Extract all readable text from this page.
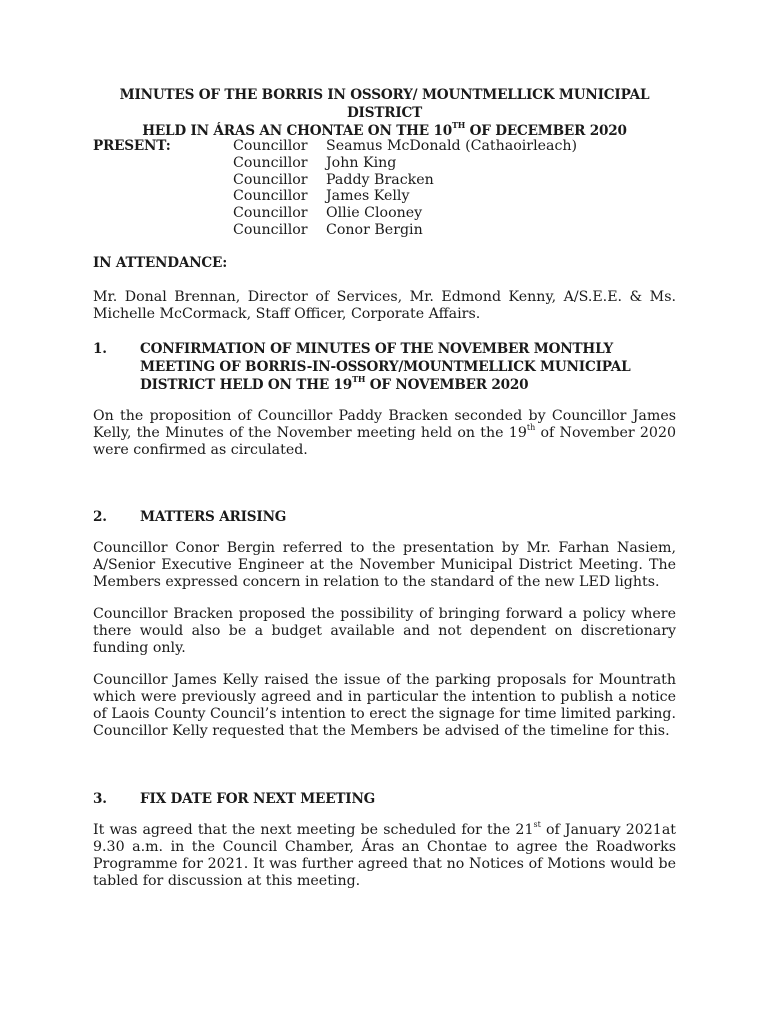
MINUTES OF THE BORRIS IN OSSORY/ MOUNTMELLICK MUNICIPAL DISTRICT
HELD IN ÁRAS AN CHONTAE ON THE 10TH OF DECEMBER 2020
PRESENT:	Councillor	Seamus McDonald (Cathaoirleach)
Councillor	John King
Councillor	Paddy Bracken
Councillor	James Kelly
Councillor	Ollie Clooney
Councillor	Conor Bergin
IN ATTENDANCE:
Mr. Donal Brennan, Director of Services, Mr. Edmond Kenny, A/S.E.E. & Ms. Michelle McCormack, Staff Officer, Corporate Affairs.
1.	CONFIRMATION OF MINUTES OF THE NOVEMBER MONTHLY MEETING OF BORRIS-IN-OSSORY/MOUNTMELLICK MUNICIPAL DISTRICT HELD ON THE 19TH OF NOVEMBER 2020
On the proposition of Councillor Paddy Bracken seconded by Councillor James Kelly, the Minutes of the November meeting held on the 19th of November 2020 were confirmed as circulated.
2.	MATTERS ARISING
Councillor Conor Bergin referred to the presentation by Mr. Farhan Nasiem, A/Senior Executive Engineer at the November Municipal District Meeting. The Members expressed concern in relation to the standard of the new LED lights.
Councillor Bracken proposed the possibility of bringing forward a policy where there would also be a budget available and not dependent on discretionary funding only.
Councillor James Kelly raised the issue of the parking proposals for Mountrath which were previously agreed and in particular the intention to publish a notice of Laois County Council’s intention to erect the signage for time limited parking. Councillor Kelly requested that the Members be advised of the timeline for this.
3.	FIX DATE FOR NEXT MEETING
It was agreed that the next meeting be scheduled for the 21st of January 2021at 9.30 a.m. in the Council Chamber, Áras an Chontae to agree the Roadworks Programme for 2021. It was further agreed that no Notices of Motions would be tabled for discussion at this meeting.
